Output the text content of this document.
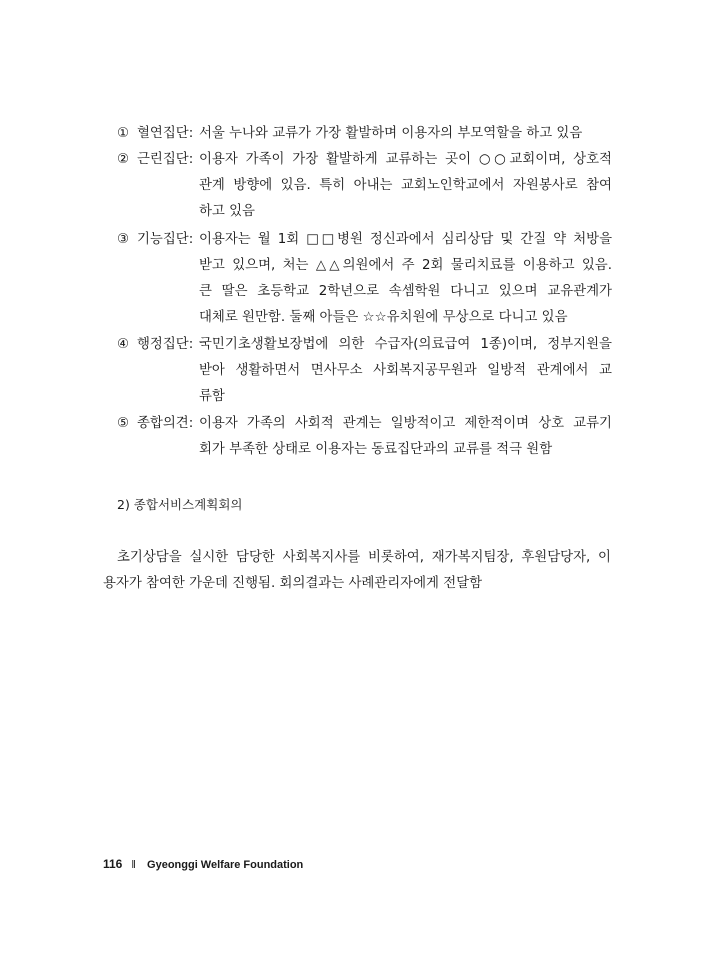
① 혈연집단: 서울 누나와 교류가 가장 활발하며 이용자의 부모역할을 하고 있음
② 근린집단: 이용자 가족이 가장 활발하게 교류하는 곳이 ○○교회이며, 상호적
관계 방향에 있음. 특히 아내는 교회노인학교에서 자원봉사로 참여
하고 있음
③ 기능집단: 이용자는 월 1회 □□병원 정신과에서 심리상담 및 간질 약 처방을
받고 있으며, 처는 △△의원에서 주 2회 물리치료를 이용하고 있음.
큰 딸은 초등학교 2학년으로 속셈학원 다니고 있으며 교유관계가
대체로 원만함. 둘째 아들은 ☆☆유치원에 무상으로 다니고 있음
④ 행정집단: 국민기초생활보장법에 의한 수급자(의료급여 1종)이며, 정부지원을
받아 생활하면서 면사무소 사회복지공무원과 일방적 관계에서 교
류함
⑤ 종합의견: 이용자 가족의 사회적 관계는 일방적이고 제한적이며 상호 교류기
회가 부족한 상태로 이용자는 동료집단과의 교류를 적극 원함
2) 종합서비스계획회의
초기상담을 실시한 담당한 사회복지사를 비롯하여, 재가복지팀장, 후원담당자, 이
용자가 참여한 가운데 진행됨. 회의결과는 사례관리자에게 전달함
116 ‖ Gyeonggi Welfare Foundation
